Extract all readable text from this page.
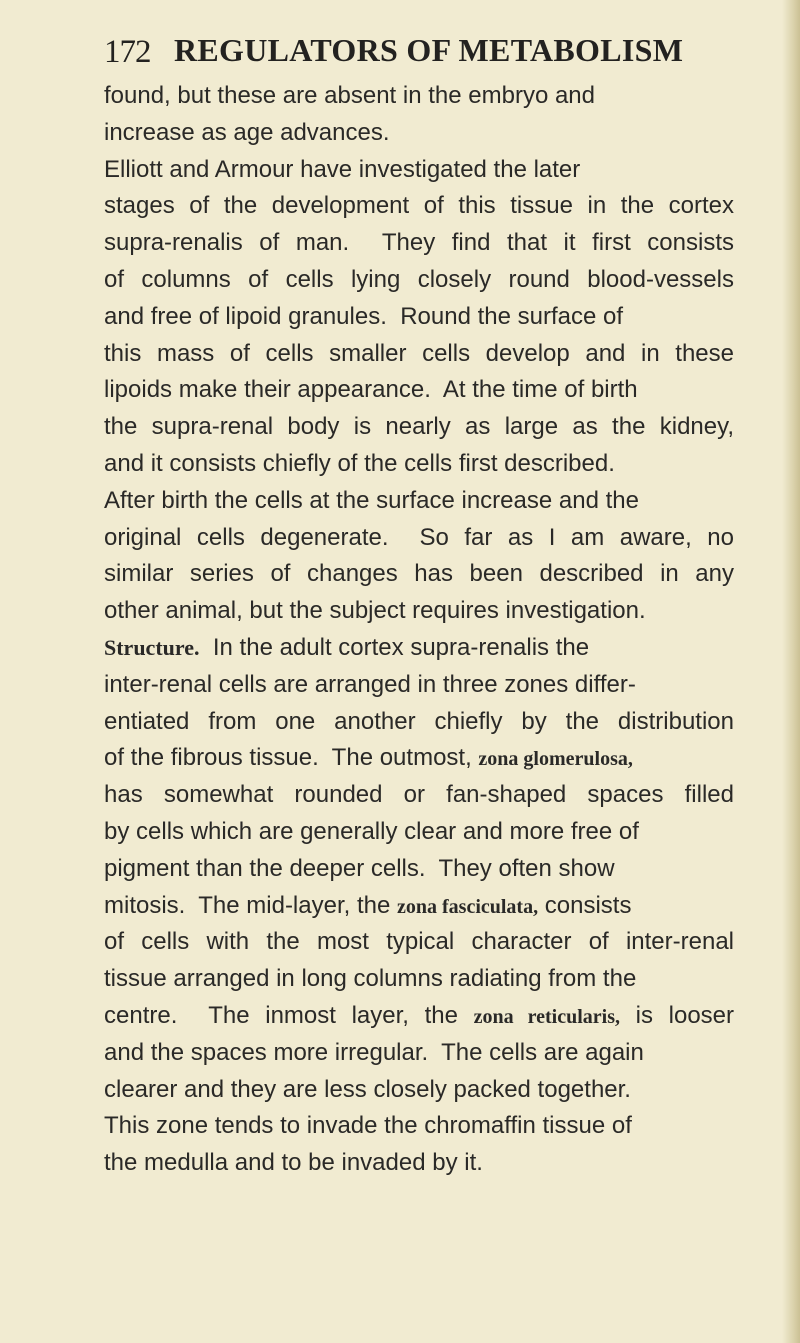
172 REGULATORS OF METABOLISM
found, but these are absent in the embryo and
increase as age advances.
Elliott and Armour have investigated the later
stages of the development of this tissue in the cortex
supra-renalis of man.  They find that it first consists
of columns of cells lying closely round blood-vessels
and free of lipoid granules.  Round the surface of
this mass of cells smaller cells develop and in these
lipoids make their appearance.  At the time of birth
the supra-renal body is nearly as large as the kidney,
and it consists chiefly of the cells first described.
After birth the cells at the surface increase and the
original cells degenerate.  So far as I am aware, no
similar series of changes has been described in any
other animal, but the subject requires investigation.
Structure.  In the adult cortex supra-renalis the
inter-renal cells are arranged in three zones differ-
entiated from one another chiefly by the distribution
of the fibrous tissue.  The outmost, zona glomerulosa,
has somewhat rounded or fan-shaped spaces filled
by cells which are generally clear and more free of
pigment than the deeper cells.  They often show
mitosis.  The mid-layer, the zona fasciculata, consists
of cells with the most typical character of inter-renal
tissue arranged in long columns radiating from the
centre.  The inmost layer, the zona reticularis, is looser
and the spaces more irregular.  The cells are again
clearer and they are less closely packed together.
This zone tends to invade the chromaffin tissue of
the medulla and to be invaded by it.
